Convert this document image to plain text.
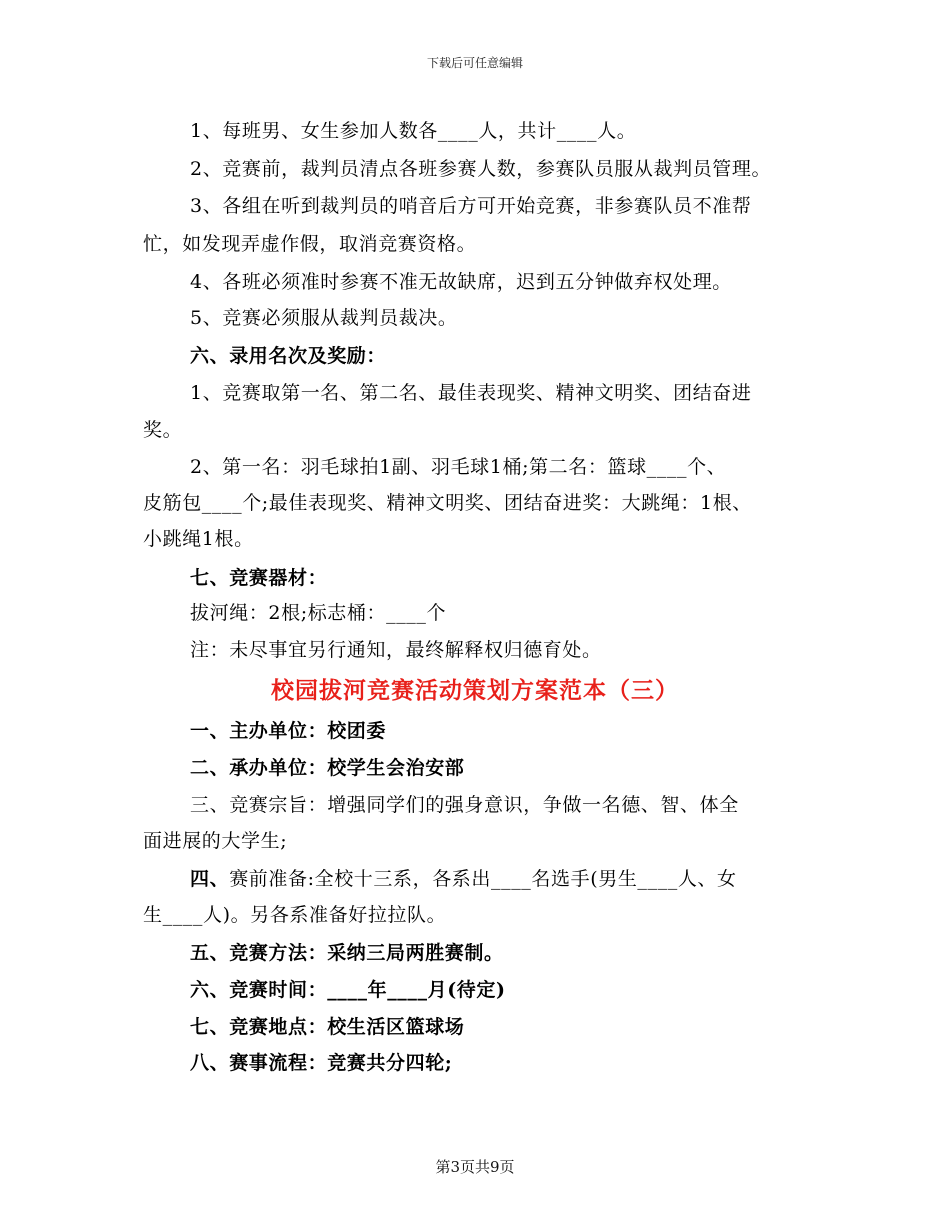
下载后可任意编辑
1、每班男、女生参加人数各____人，共计____人。
2、竞赛前，裁判员清点各班参赛人数，参赛队员服从裁判员管理。
3、各组在听到裁判员的哨音后方可开始竞赛，非参赛队员不准帮
忙，如发现弄虚作假，取消竞赛资格。
4、各班必须准时参赛不准无故缺席，迟到五分钟做弃权处理。
5、竞赛必须服从裁判员裁决。
六、录用名次及奖励：
1、竞赛取第一名、第二名、最佳表现奖、精神文明奖、团结奋进
奖。
2、第一名：羽毛球拍1副、羽毛球1桶;第二名：篮球____个、
皮筋包____个;最佳表现奖、精神文明奖、团结奋进奖：大跳绳：1根、
小跳绳1根。
七、竞赛器材：
拔河绳：2根;标志桶：____个
注：未尽事宜另行通知，最终解释权归德育处。
校园拔河竞赛活动策划方案范本（三）
一、主办单位：校团委
二、承办单位：校学生会治安部
三、竞赛宗旨：增强同学们的强身意识，争做一名德、智、体全
面进展的大学生;
四、赛前准备:全校十三系，各系出____名选手(男生____人、女
生____人)。另各系准备好拉拉队。
五、竞赛方法：采纳三局两胜赛制。
六、竞赛时间：____年____月(待定)
七、竞赛地点：校生活区篮球场
八、赛事流程：竞赛共分四轮;
第3页共9页
